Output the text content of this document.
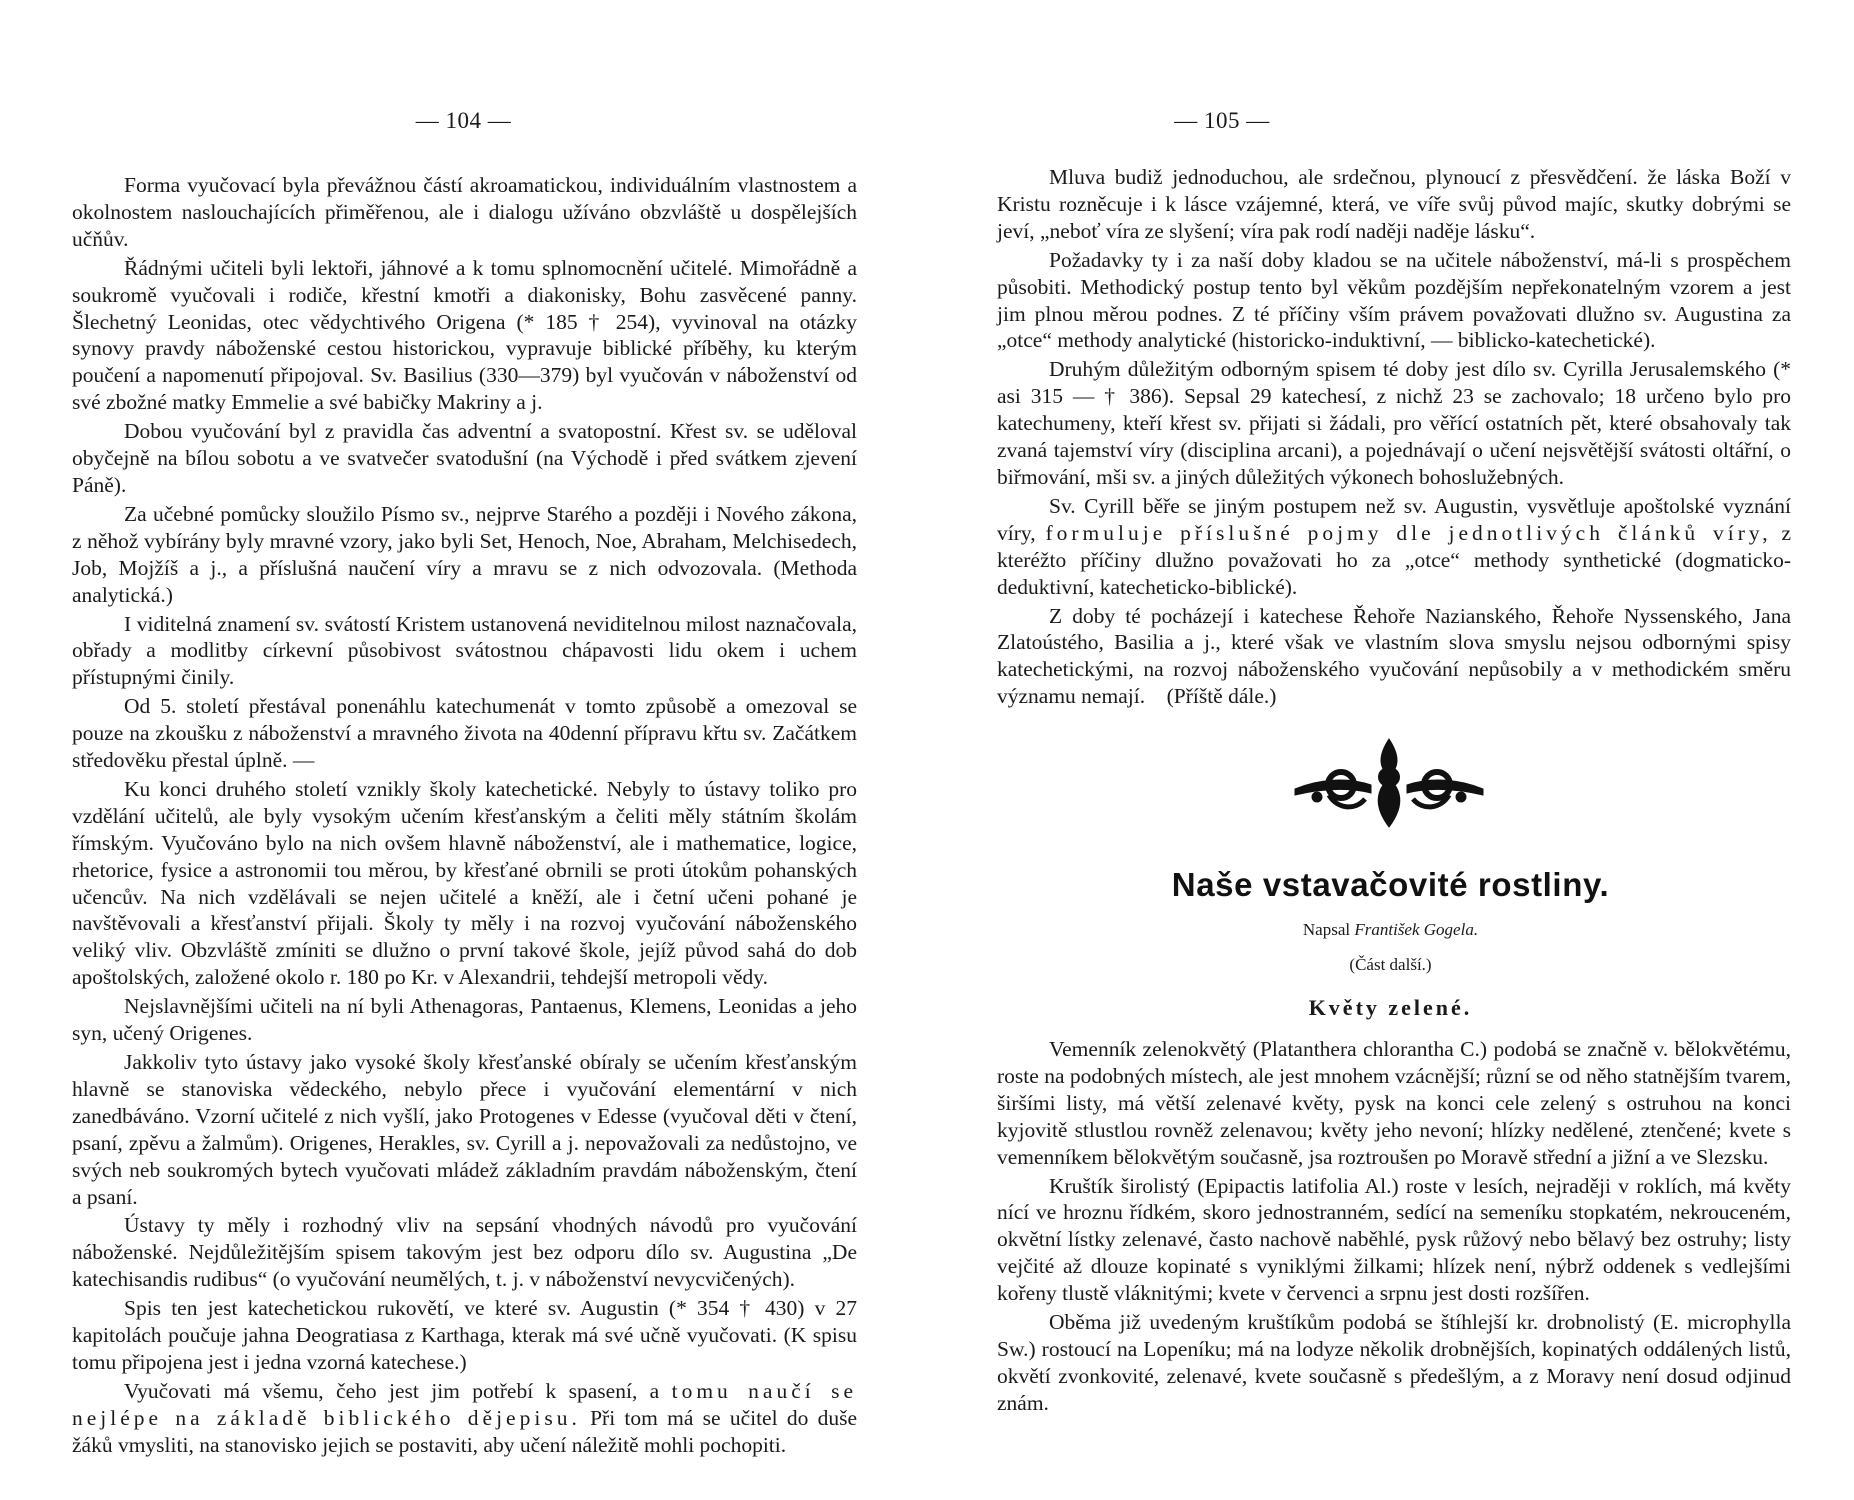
— 104 —

Forma vyučovací byla převážnou částí akroamatickou, individuálním vlastnostem a okolnostem naslouchajících přiměřenou, ale i dialogu užíváno obzvláště u dospělejších učňův.

Řádnými učiteli byli lektoři, jáhnové a k tomu splnomocnění učitelé. Mimořádně a soukromě vyučovali i rodiče, křestní kmotři a diakonisky, Bohu zasvěcené panny. Šlechetný Leonidas, otec vědychtivého Origena (* 185 † 254), vyvinoval na otázky synovy pravdy náboženské cestou historickou, vypravuje biblické příběhy, ku kterým poučení a napomenutí připojoval. Sv. Basilius (330—379) byl vyučován v náboženství od své zbožné matky Emmelie a své babičky Makriny a j.

Dobou vyučování byl z pravidla čas adventní a svatopostní. Křest sv. se uděloval obyčejně na bílou sobotu a ve svatvečer svatodušní (na Východě i před svátkem zjevení Páně).

Za učebné pomůcky sloužilo Písmo sv., nejprve Starého a později i Nového zákona, z něhož vybírány byly mravné vzory, jako byli Set, Henoch, Noe, Abraham, Melchisedech, Job, Mojžíš a j., a příslušná naučení víry a mravu se z nich odvozovala. (Methoda analytická.)

I viditelná znamení sv. svátostí Kristem ustanovená neviditelnou milost naznačovala, obřady a modlitby církevní působivost svátostnou chápavosti lidu okem i uchem přístupnými činily.

Od 5. století přestával ponenáhlu katechumenát v tomto způsobě a omezoval se pouze na zkoušku z náboženství a mravného života na 40denní přípravu křtu sv. Začátkem středověku přestal úplně. —

Ku konci druhého století vznikly školy katechetické. Nebyly to ústavy toliko pro vzdělání učitelů, ale byly vysokým učením křesťanským a čeliti měly státním školám římským. Vyučováno bylo na nich ovšem hlavně náboženství, ale i mathematice, logice, rhetorice, fysice a astronomii tou měrou, by křesťané obrnili se proti útokům pohanských učencův. Na nich vzdělávali se nejen učitelé a kněží, ale i četní učeni pohané je navštěvovali a křesťanství přijali. Školy ty měly i na rozvoj vyučování náboženského veliký vliv. Obzvláště zmíniti se dlužno o první takové škole, jejíž původ sahá do dob apoštolských, založené okolo r. 180 po Kr. v Alexandrii, tehdejší metropoli vědy.

Nejslavnějšími učiteli na ní byli Athenagoras, Pantaenus, Klemens, Leonidas a jeho syn, učený Origenes.

Jakkoliv tyto ústavy jako vysoké školy křesťanské obíraly se učením křesťanským hlavně se stanoviska vědeckého, nebylo přece i vyučování elementární v nich zanedbáváno. Vzorní učitelé z nich vyšlí, jako Protogenes v Edesse (vyučoval děti v čtení, psaní, zpěvu a žalmům). Origenes, Herakles, sv. Cyrill a j. nepovažovali za nedůstojno, ve svých neb soukromých bytech vyučovati mládež základním pravdám náboženským, čtení a psaní.

Ústavy ty měly i rozhodný vliv na sepsání vhodných návodů pro vyučování náboženské. Nejdůležitějším spisem takovým jest bez odporu dílo sv. Augustina „De katechisandis rudibus“ (o vyučování neumělých, t. j. v náboženství nevycvičených).

Spis ten jest katechetickou rukovětí, ve které sv. Augustin (* 354 † 430) v 27 kapitolách poučuje jahna Deogratiasa z Karthaga, kterak má své učně vyučovati. (K spisu tomu připojena jest i jedna vzorná katechese.)

Vyučovati má všemu, čeho jest jim potřebí k spasení, a tomu naučí se nejlépe na základě biblického dějepisu. Při tom má se učitel do duše žáků vmysliti, na stanovisko jejich se postaviti, aby učení náležitě mohli pochopiti.

— 105 —

Mluva budiž jednoduchou, ale srdečnou, plynoucí z přesvědčení. že láska Boží v Kristu rozněcuje i k lásce vzájemné, která, ve víře svůj původ majíc, skutky dobrými se jeví, „neboť víra ze slyšení; víra pak rodí naději naděje lásku“.

Požadavky ty i za naší doby kladou se na učitele náboženství, má-li s prospěchem působiti. Methodický postup tento byl věkům pozdějším nepřekonatelným vzorem a jest jim plnou měrou podnes. Z té příčiny vším právem považovati dlužno sv. Augustina za „otce“ methody analytické (historicko-induktivní, — biblicko-katechetické).

Druhým důležitým odborným spisem té doby jest dílo sv. Cyrilla Jerusalemského (* asi 315 — † 386). Sepsal 29 katechesí, z nichž 23 se zachovalo; 18 určeno bylo pro katechumeny, kteří křest sv. přijati si žádali, pro věřící ostatních pět, které obsahovaly tak zvaná tajemství víry (disciplina arcani), a pojednávají o učení nejsvětější svátosti oltářní, o biřmování, mši sv. a jiných důležitých výkonech bohoslužebných.

Sv. Cyrill běře se jiným postupem než sv. Augustin, vysvětluje apoštolské vyznání víry, formuluje příslušné pojmy dle jednotlivých článků víry, z kteréžto příčiny dlužno považovati ho za „otce“ methody synthetické (dogmaticko-deduktivní, katecheticko-biblické).

Z doby té pocházejí i katechese Řehoře Nazianského, Řehoře Nyssenského, Jana Zlatoústého, Basilia a j., které však ve vlastním slova smyslu nejsou odbornými spisy katechetickými, na rozvoj náboženského vyučování nepůsobily a v methodickém směru významu nemají. (Příště dále.)

Naše vstavačovité rostliny.
Napsal František Gogela.
(Část další.)
Květy zelené.

Vemenník zelenokvětý (Platanthera chlorantha C.) podobá se značně v. bělokvětému, roste na podobných místech, ale jest mnohem vzácnější; různí se od něho statnějším tvarem, širšími listy, má větší zelenavé květy, pysk na konci cele zelený s ostruhou na konci kyjovitě stlustlou rovněž zelenavou; květy jeho nevoní; hlízky nedělené, ztenčené; kvete s vemenníkem bělokvětým současně, jsa roztroušen po Moravě střední a jižní a ve Slezsku.

Kruštík širolistý (Epipactis latifolia Al.) roste v lesích, nejraději v roklích, má květy nící ve hroznu řídkém, skoro jednostranném, sedící na semeníku stopkatém, nekrouceném, okvětní lístky zelenavé, často nachově naběhlé, pysk růžový nebo bělavý bez ostruhy; listy vejčité až dlouze kopinaté s vyniklými žilkami; hlízek není, nýbrž oddenek s vedlejšími kořeny tlustě vláknitými; kvete v červenci a srpnu jest dosti rozšířen.

Oběma již uvedeným kruštíkům podobá se štíhlejší kr. drobnolistý (E. microphylla Sw.) rostoucí na Lopeníku; má na lodyze několik drobnějších, kopinatých oddálených listů, okvětí zvonkovité, zelenavé, kvete současně s předešlým, a z Moravy není dosud odjinud znám.
